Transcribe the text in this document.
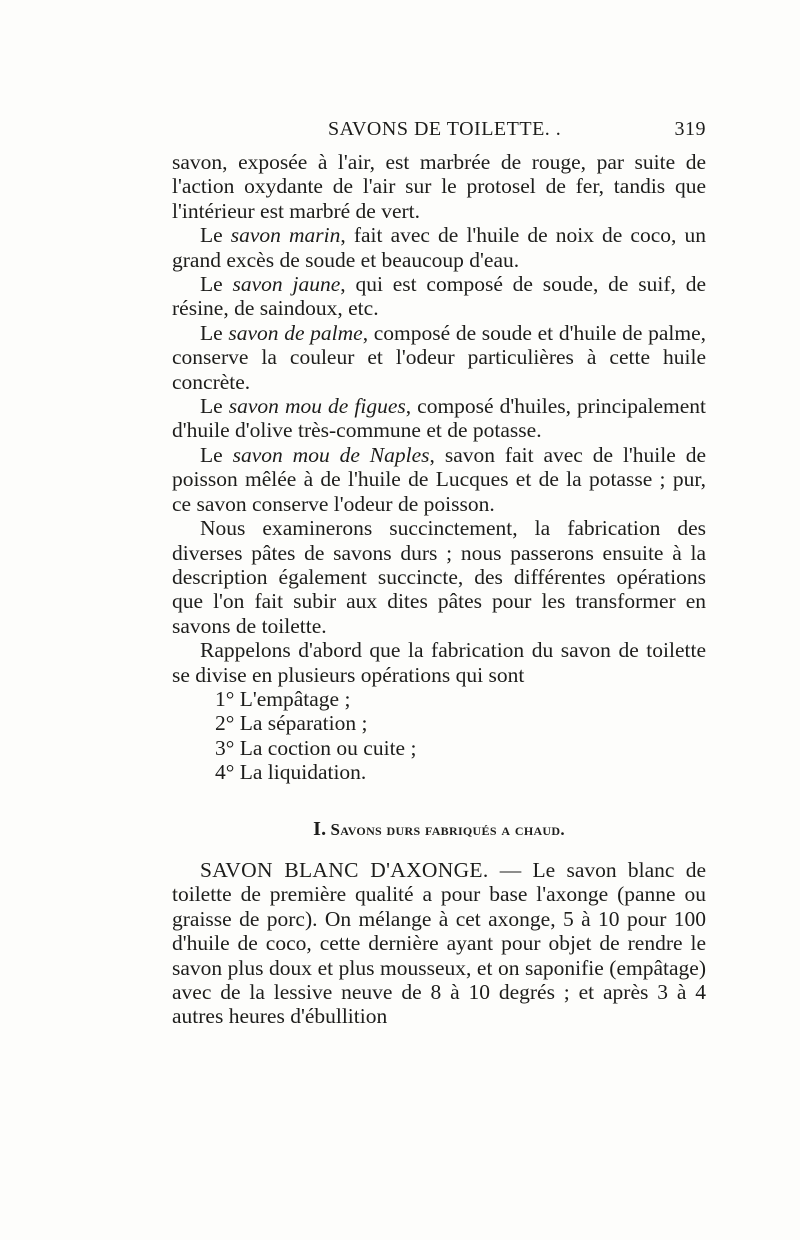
SAVONS DE TOILETTE. .	319

savon, exposée à l'air, est marbrée de rouge, par suite de l'action oxydante de l'air sur le protosel de fer, tandis que l'intérieur est marbré de vert.

Le savon marin, fait avec de l'huile de noix de coco, un grand excès de soude et beaucoup d'eau.

Le savon jaune, qui est composé de soude, de suif, de résine, de saindoux, etc.

Le savon de palme, composé de soude et d'huile de palme, conserve la couleur et l'odeur particulières à cette huile concrète.

Le savon mou de figues, composé d'huiles, principalement d'huile d'olive très-commune et de potasse.

Le savon mou de Naples, savon fait avec de l'huile de poisson mêlée à de l'huile de Lucques et de la potasse ; pur, ce savon conserve l'odeur de poisson.

Nous examinerons succinctement, la fabrication des diverses pâtes de savons durs ; nous passerons ensuite à la description également succincte, des différentes opérations que l'on fait subir aux dites pâtes pour les transformer en savons de toilette.

Rappelons d'abord que la fabrication du savon de toilette se divise en plusieurs opérations qui sont

1° L'empâtage ;

2° La séparation ;

3° La coction ou cuite ;

4° La liquidation.

I. Savons durs fabriqués a chaud.

SAVON BLANC D'AXONGE. — Le savon blanc de toilette de première qualité a pour base l'axonge (panne ou graisse de porc). On mélange à cet axonge, 5 à 10 pour 100 d'huile de coco, cette dernière ayant pour objet de rendre le savon plus doux et plus mousseux, et on saponifie (empâtage) avec de la lessive neuve de 8 à 10 degrés ; et après 3 à 4 autres heures d'ébullition
